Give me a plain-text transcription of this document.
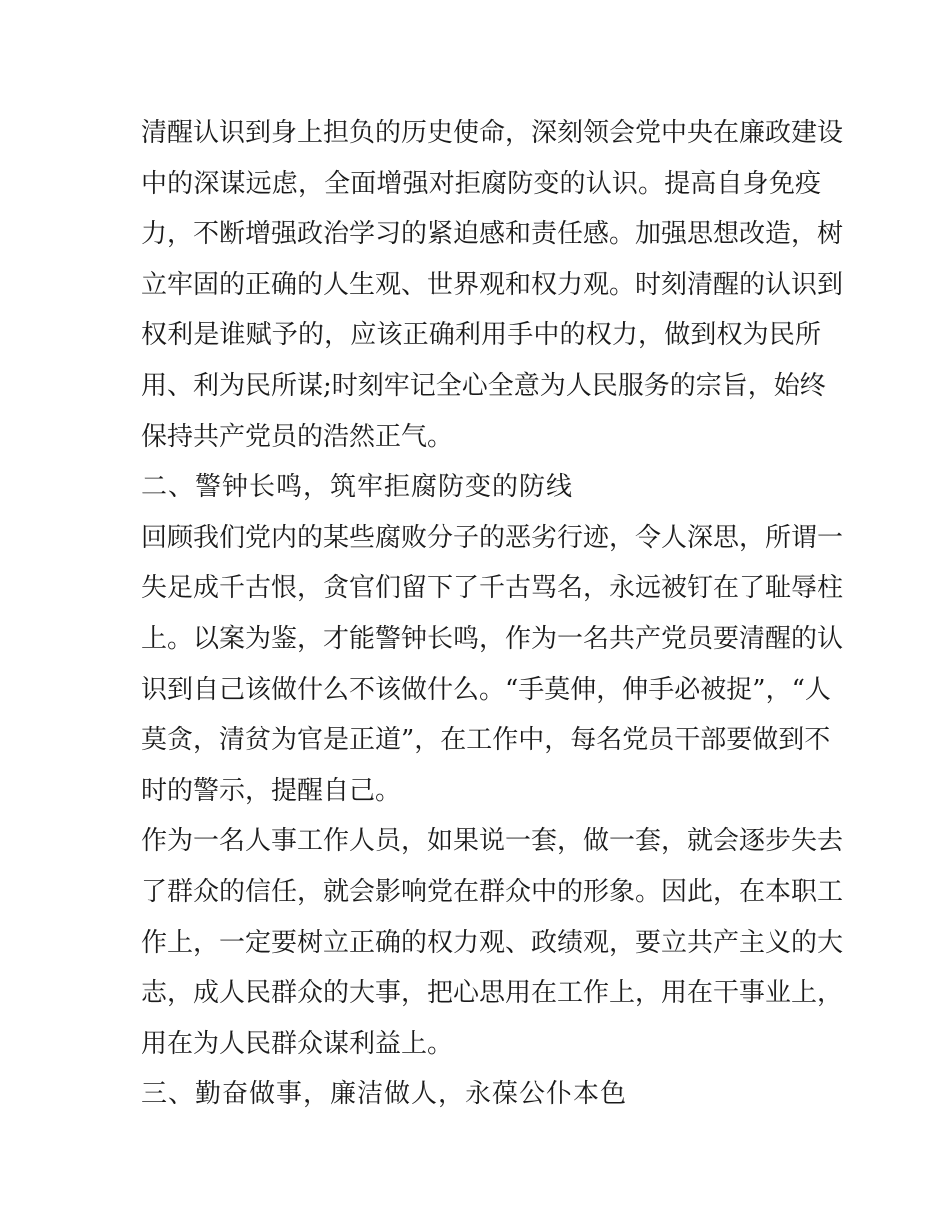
清醒认识到身上担负的历史使命，深刻领会党中央在廉政建设
中的深谋远虑，全面增强对拒腐防变的认识。提高自身免疫
力，不断增强政治学习的紧迫感和责任感。加强思想改造，树
立牢固的正确的人生观、世界观和权力观。时刻清醒的认识到
权利是谁赋予的，应该正确利用手中的权力，做到权为民所
用、利为民所谋;时刻牢记全心全意为人民服务的宗旨，始终
保持共产党员的浩然正气。
二、警钟长鸣，筑牢拒腐防变的防线
回顾我们党内的某些腐败分子的恶劣行迹，令人深思，所谓一
失足成千古恨，贪官们留下了千古骂名，永远被钉在了耻辱柱
上。以案为鉴，才能警钟长鸣，作为一名共产党员要清醒的认
识到自己该做什么不该做什么。“手莫伸，伸手必被捉”，“人
莫贪，清贫为官是正道”，在工作中，每名党员干部要做到不
时的警示，提醒自己。
作为一名人事工作人员，如果说一套，做一套，就会逐步失去
了群众的信任，就会影响党在群众中的形象。因此，在本职工
作上，一定要树立正确的权力观、政绩观，要立共产主义的大
志，成人民群众的大事，把心思用在工作上，用在干事业上，
用在为人民群众谋利益上。
三、勤奋做事，廉洁做人，永葆公仆本色
